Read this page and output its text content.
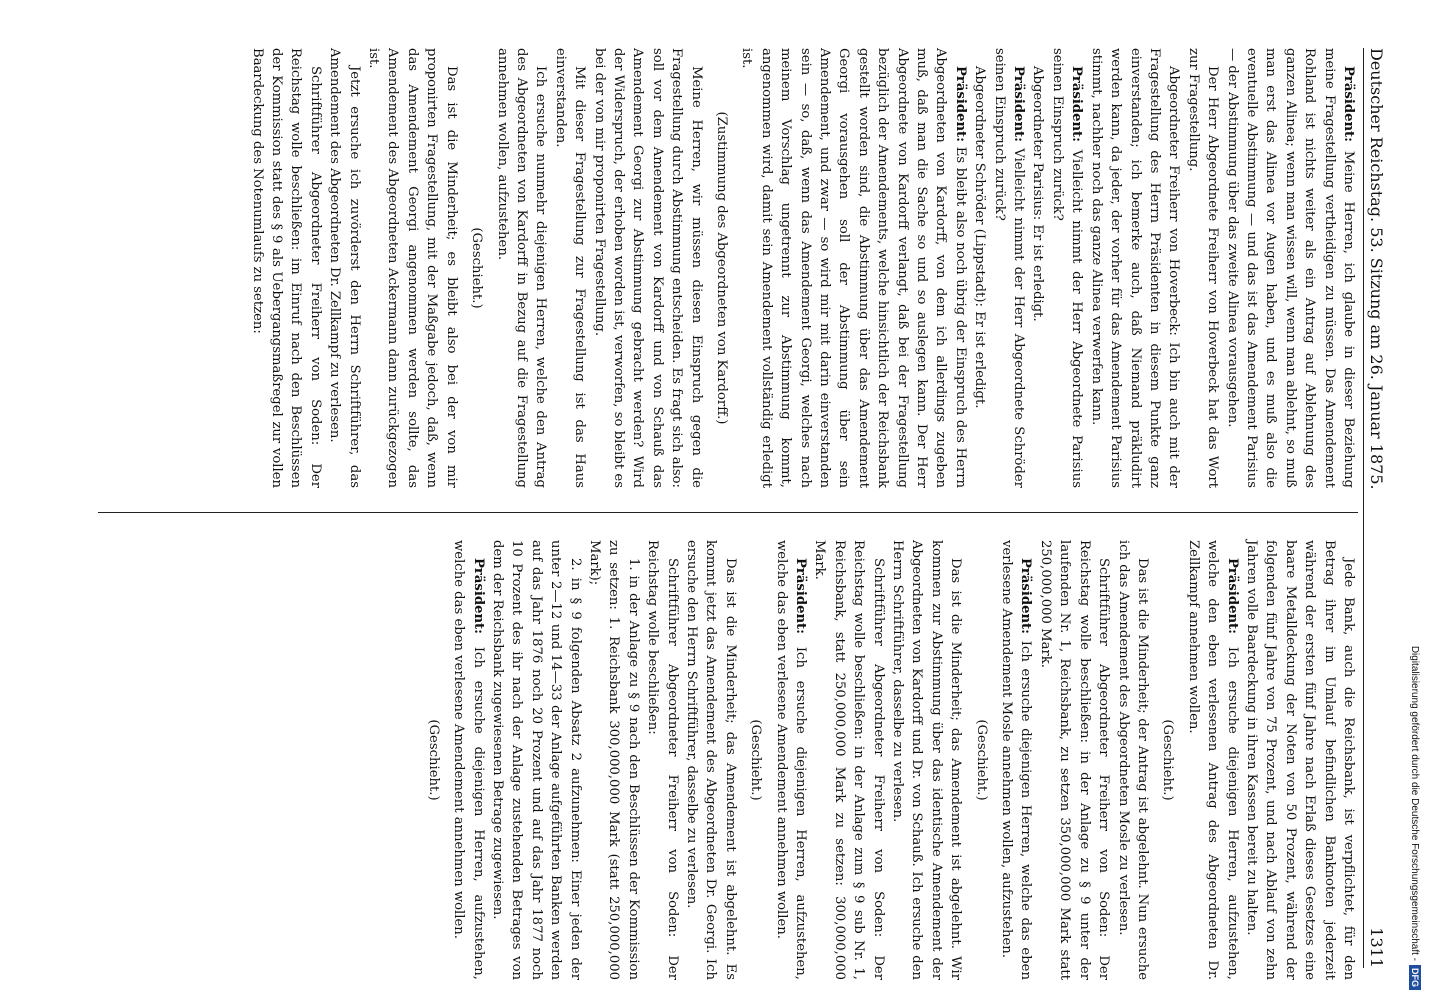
Deutscher Reichstag. 53. Sitzung am 26. Januar 1875.
1311

Präsident: Meine Herren, ich glaube in dieser Beziehung meine Fragestellung vertheidigen zu müssen. Das Amendement Rohland ist nichts weiter als ein Antrag auf Ablehnung des ganzen Alinea; wenn man wissen will, wenn man ablehnt, so muß man erst das Alinea vor Augen haben, und es muß also die eventuelle Abstimmung — und das ist das Amendement Parisius — der Abstimmung über das zweite Alinea vorausgehen.

Der Herr Abgeordnete Freiherr von Hoverbeck hat das Wort zur Fragestellung.

Abgeordneter Freiherr von Hoverbeck: Ich bin auch mit der Fragestellung des Herrn Präsidenten in diesem Punkte ganz einverstanden; ich bemerke auch, daß Niemand präkludirt werden kann, da jeder, der vorher für das Amendement Parisius stimmt, nachher noch das ganze Alinea verwerfen kann.

Präsident: Vielleicht nimmt der Herr Abgeordnete Parisius seinen Einspruch zurück?

Abgeordneter Parisius: Er ist erledigt.

Präsident: Vielleicht nimmt der Herr Abgeordnete Schröder seinen Einspruch zurück?

Abgeordneter Schröder (Lippstadt): Er ist erledigt.

Präsident: Es bleibt also noch übrig der Einspruch des Herrn Abgeordneten von Kardorff, von dem ich allerdings zugeben muß, daß man die Sache so und so auslegen kann. Der Herr Abgeordnete von Kardorff verlangt, daß bei der Fragestellung bezüglich der Amendements, welche hinsichtlich der Reichsbank gestellt worden sind, die Abstimmung über das Amendement Georgi vorausgehen soll der Abstimmung über sein Amendement, und zwar — so wird mir mit darin einverstanden sein — so, daß, wenn das Amendement Georgi, welches nach meinem Vorschlag ungetrennt zur Abstimmung kommt, angenommen wird, damit sein Amendement vollständig erledigt ist.

(Zustimmung des Abgeordneten von Kardorff.)

Meine Herren, wir müssen diesen Einspruch gegen die Fragestellung durch Abstimmung entscheiden. Es fragt sich also: soll vor dem Amendement von Kardorff und von Schauß das Amendement Georgi zur Abstimmung gebracht werden? Wird der Widerspruch, der erhoben worden ist, verworfen, so bleibt es bei der von mir proponirten Fragestellung.

Mit dieser Fragestellung zur Fragestellung ist das Haus einverstanden.

Ich ersuche nunmehr diejenigen Herren, welche den Antrag des Abgeordneten von Kardorff in Bezug auf die Fragestellung annehmen wollen, aufzustehen.

(Geschieht.)

Das ist die Minderheit; es bleibt also bei der von mir proponirten Fragestellung, mit der Maßgabe jedoch, daß, wenn das Amendement Georgi angenommen werden sollte, das Amendement des Abgeordneten Ackermann dann zurückgezogen ist.

Jetzt ersuche ich zuvörderst den Herrn Schriftführer, das Amendement des Abgeordneten Dr. Zellkampf zu verlesen.

Schriftführer Abgeordneter Freiherr von Soden: Der Reichstag wolle beschließen: im Einruf nach den Beschlüssen der Kommission statt des § 9 als Uebergangsmaßregel zur vollen Baardeckung des Notenumlaufs zu setzen:

Jede Bank, auch die Reichsbank, ist verpflichtet, für den Betrag ihrer im Umlauf befindlichen Banknoten jederzeit während der ersten fünf Jahre nach Erlaß dieses Gesetzes eine baare Metalldeckung der Noten von 50 Prozent, während der folgenden fünf Jahre von 75 Prozent, und nach Ablauf von zehn Jahren volle Baardeckung in ihren Kassen bereit zu halten.

Präsident: Ich ersuche diejenigen Herren, aufzustehen, welche den eben verlesenen Antrag des Abgeordneten Dr. Zellkampf annehmen wollen.

(Geschieht.)

Das ist die Minderheit; der Antrag ist abgelehnt. Nun ersuche ich das Amendement des Abgeordneten Mosle zu verlesen.

Schriftführer Abgeordneter Freiherr von Soden: Der Reichstag wolle beschließen: in der Anlage zu § 9 unter der laufenden Nr. 1, Reichsbank, zu setzen 350,000,000 Mark statt 250,000,000 Mark.

Präsident: Ich ersuche diejenigen Herren, welche das eben verlesene Amendement Mosle annehmen wollen, aufzustehen.

(Geschieht.)

Das ist die Minderheit; das Amendement ist abgelehnt. Wir kommen zur Abstimmung über das identische Amendement der Abgeordneten von Kardorff und Dr. von Schauß. Ich ersuche den Herrn Schriftführer, dasselbe zu verlesen.

Schriftführer Abgeordneter Freiherr von Soden: Der Reichstag wolle beschließen: in der Anlage zum § 9 sub Nr. 1, Reichsbank, statt 250,000,000 Mark zu setzen: 300,000,000 Mark.

Präsident: Ich ersuche diejenigen Herren, aufzustehen, welche das eben verlesene Amendement annehmen wollen.

(Geschieht.)

Das ist die Minderheit; das Amendement ist abgelehnt. Es kommt jetzt das Amendement des Abgeordneten Dr. Georgi. Ich ersuche den Herrn Schriftführer, dasselbe zu verlesen.

Schriftführer Abgeordneter Freiherr von Soden: Der Reichstag wolle beschließen:

1. in der Anlage zu § 9 nach den Beschlüssen der Kommission zu setzen: 1. Reichsbank 300,000,000 Mark (statt 250,000,000 Mark);

2. in § 9 folgenden Absatz 2 aufzunehmen: Einer jeden der unter 2—12 und 14—33 der Anlage aufgeführten Banken werden auf das Jahr 1876 noch 20 Prozent und auf das Jahr 1877 noch 10 Prozent des ihr nach der Anlage zustehenden Betrages von dem der Reichsbank zugewiesenen Betrage zugewiesen.

Präsident: Ich ersuche diejenigen Herren, aufzustehen, welche das eben verlesene Amendement annehmen wollen.

(Geschieht.)	Digitalisierung gefördert durch die Deutsche Forschungsgemeinschaft -
DFG
